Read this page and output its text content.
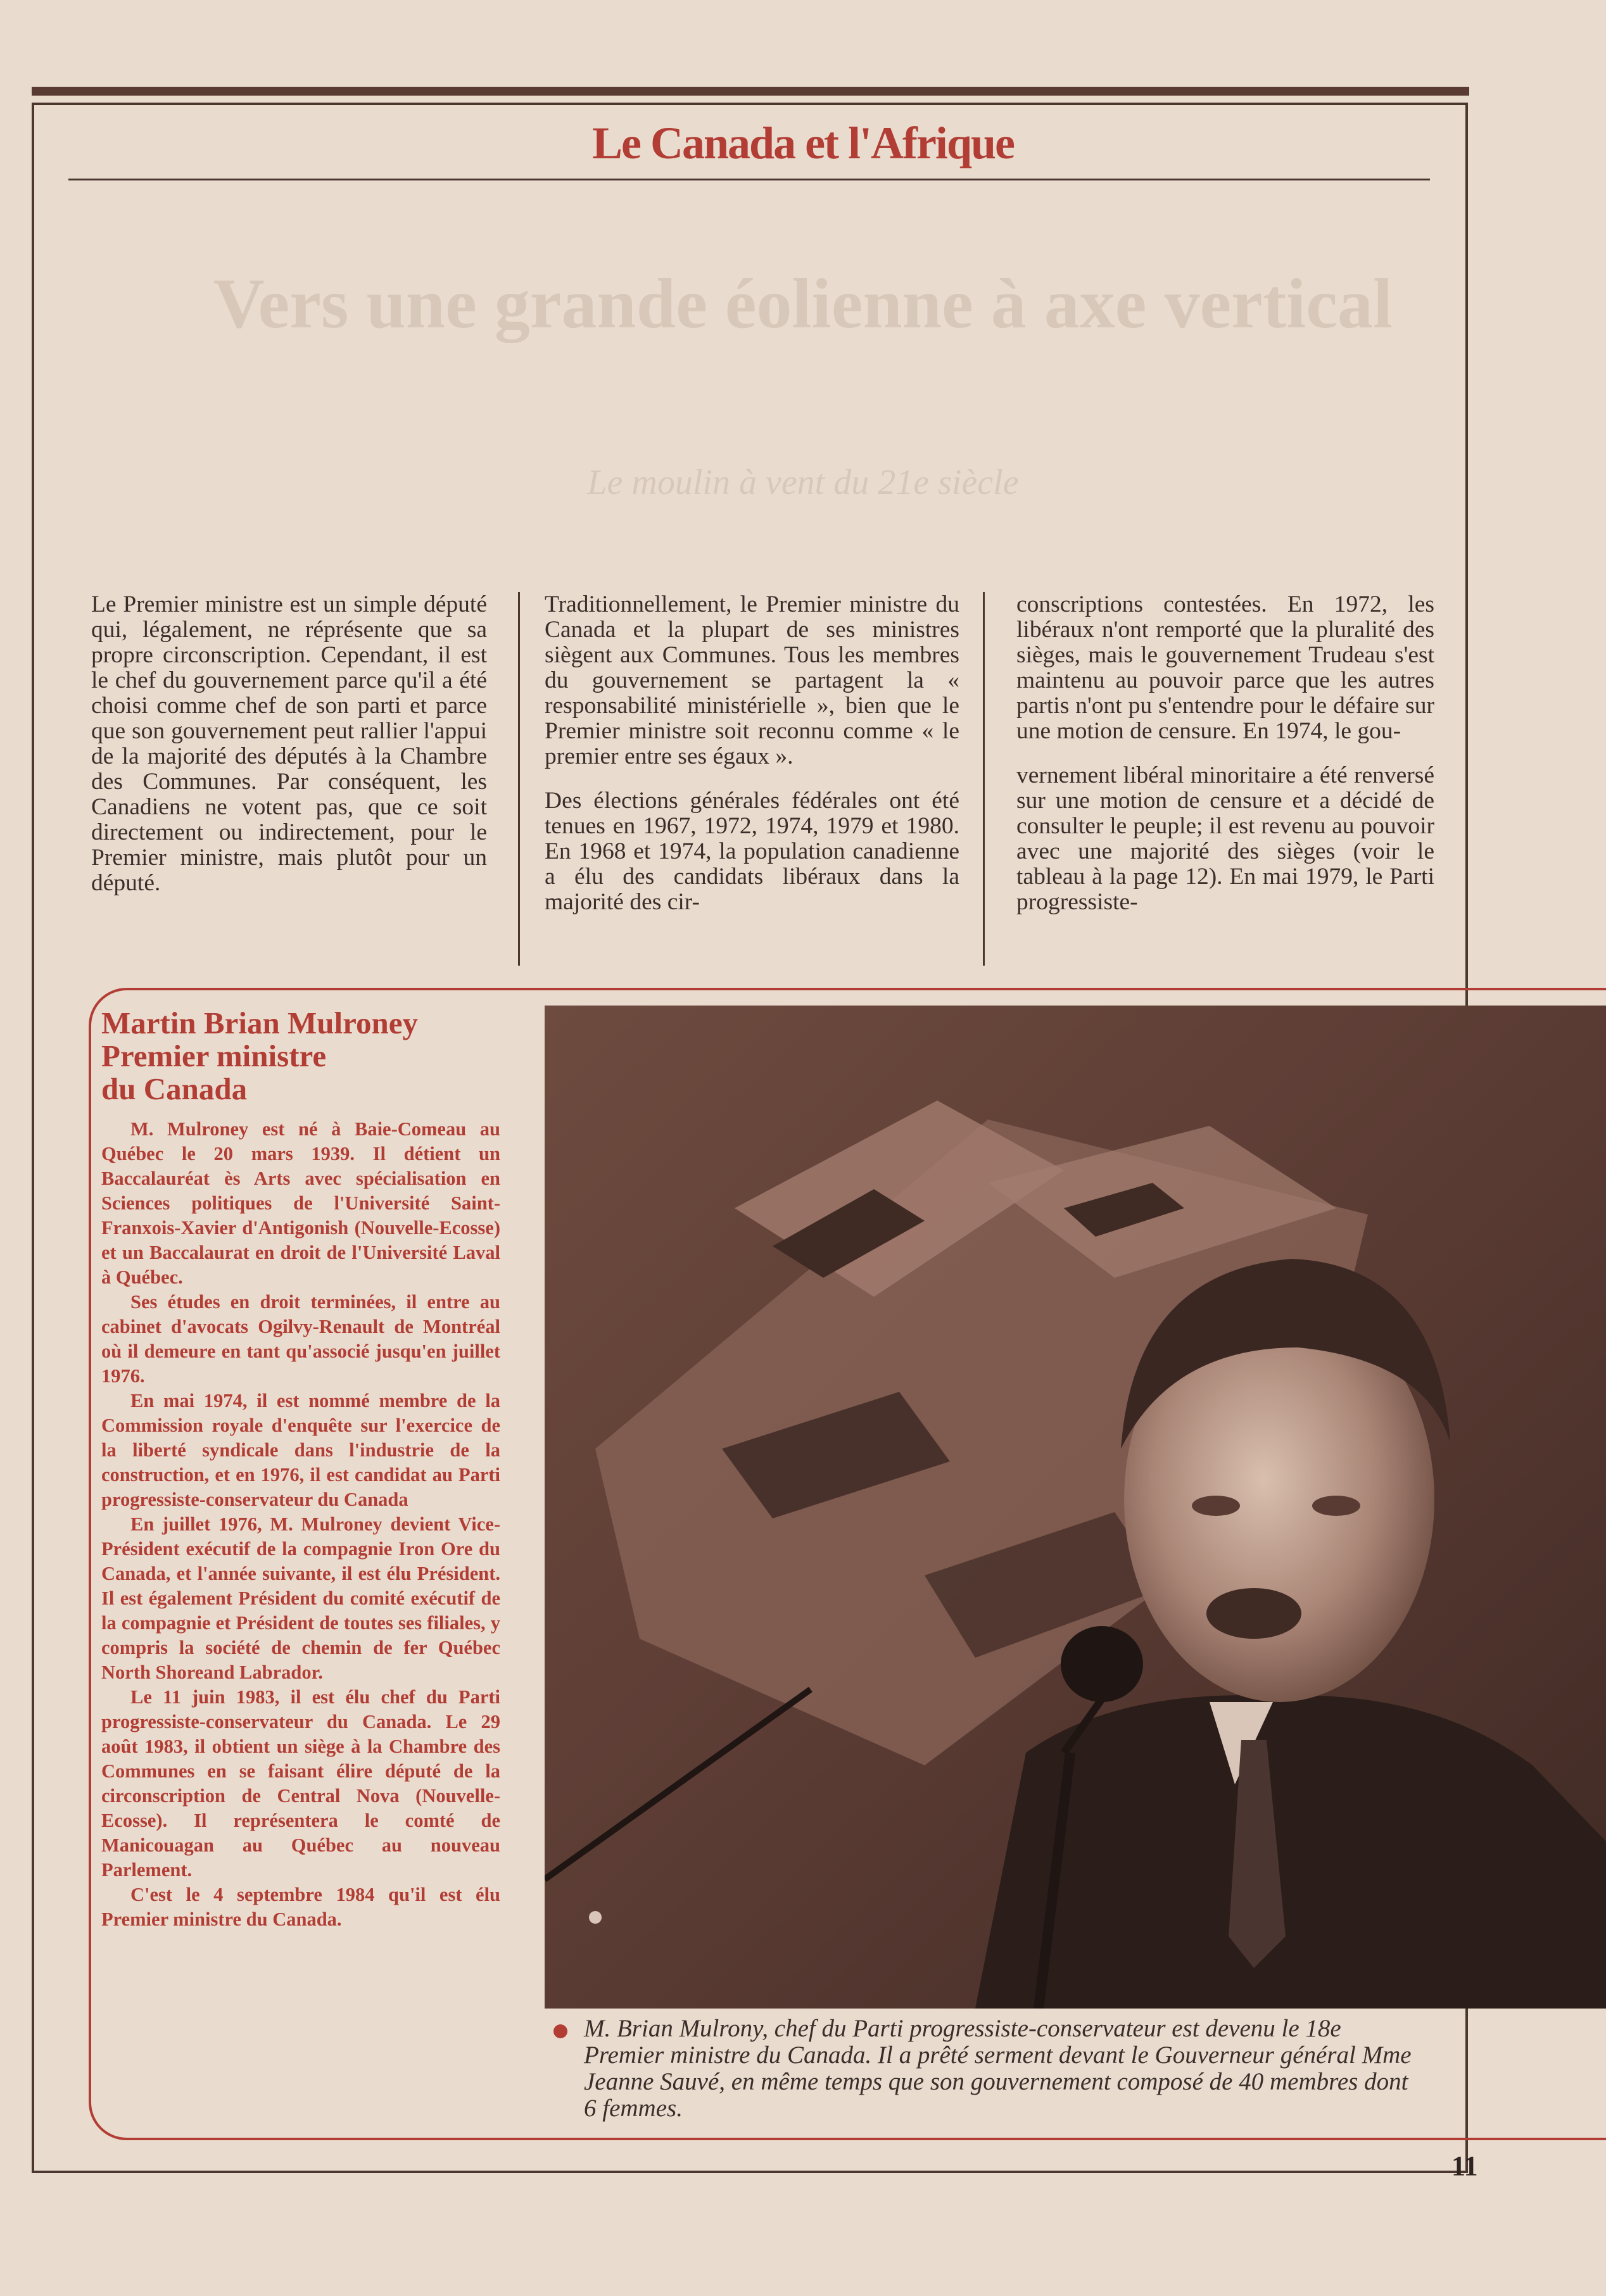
Le Canada et l'Afrique
Vers une grande éolienne à axe vertical
Le moulin à vent du 21e siècle

Le Premier ministre est un simple député qui, légalement, ne réprésente que sa propre circonscription. Cependant, il est le chef du gouvernement parce qu'il a été choisi comme chef de son parti et parce que son gouvernement peut rallier l'appui de la majorité des députés à la Chambre des Communes. Par conséquent, les Canadiens ne votent pas, que ce soit directement ou indirectement, pour le Premier ministre, mais plutôt pour un député.

Traditionnellement, le Premier ministre du Canada et la plupart de ses ministres siègent aux Communes. Tous les membres du gouvernement se partagent la « responsabilité ministérielle », bien que le Premier ministre soit reconnu comme « le premier entre ses égaux ».

Des élections générales fédérales ont été tenues en 1967, 1972, 1974, 1979 et 1980. En 1968 et 1974, la population canadienne a élu des candidats libéraux dans la majorité des cir-

conscriptions contestées. En 1972, les libéraux n'ont remporté que la pluralité des sièges, mais le gouvernement Trudeau s'est maintenu au pouvoir parce que les autres partis n'ont pu s'entendre pour le défaire sur une motion de censure. En 1974, le gou-

vernement libéral minoritaire a été renversé sur une motion de censure et a décidé de consulter le peuple; il est revenu au pouvoir avec une majorité des sièges (voir le tableau à la page 12). En mai 1979, le Parti progressiste-

Martin Brian Mulroney
Premier ministre
du Canada

M. Mulroney est né à Baie-Comeau au Québec le 20 mars 1939. Il détient un Baccalauréat ès Arts avec spécialisation en Sciences politiques de l'Université Saint-Franxois-Xavier d'Antigonish (Nouvelle-Ecosse) et un Baccalaurat en droit de l'Université Laval à Québec.

Ses études en droit terminées, il entre au cabinet d'avocats Ogilvy-Renault de Montréal où il demeure en tant qu'associé jusqu'en juillet 1976.

En mai 1974, il est nommé membre de la Commission royale d'enquête sur l'exercice de la liberté syndicale dans l'industrie de la construction, et en 1976, il est candidat au Parti progressiste-conservateur du Canada

En juillet 1976, M. Mulroney devient Vice-Président exécutif de la compagnie Iron Ore du Canada, et l'année suivante, il est élu Président. Il est également Président du comité exécutif de la compagnie et Président de toutes ses filiales, y compris la société de chemin de fer Québec North Shoreand Labrador.

Le 11 juin 1983, il est élu chef du Parti progressiste-conservateur du Canada. Le 29 août 1983, il obtient un siège à la Chambre des Communes en se faisant élire député de la circonscription de Central Nova (Nouvelle-Ecosse). Il représentera le comté de Manicouagan au Québec au nouveau Parlement.

C'est le 4 septembre 1984 qu'il est élu Premier ministre du Canada.

M. Brian Mulrony, chef du Parti progressiste-conservateur est devenu le 18e Premier ministre du Canada. Il a prêté serment devant le Gouverneur général Mme Jeanne Sauvé, en même temps que son gouvernement composé de 40 membres dont 6 femmes.
11
